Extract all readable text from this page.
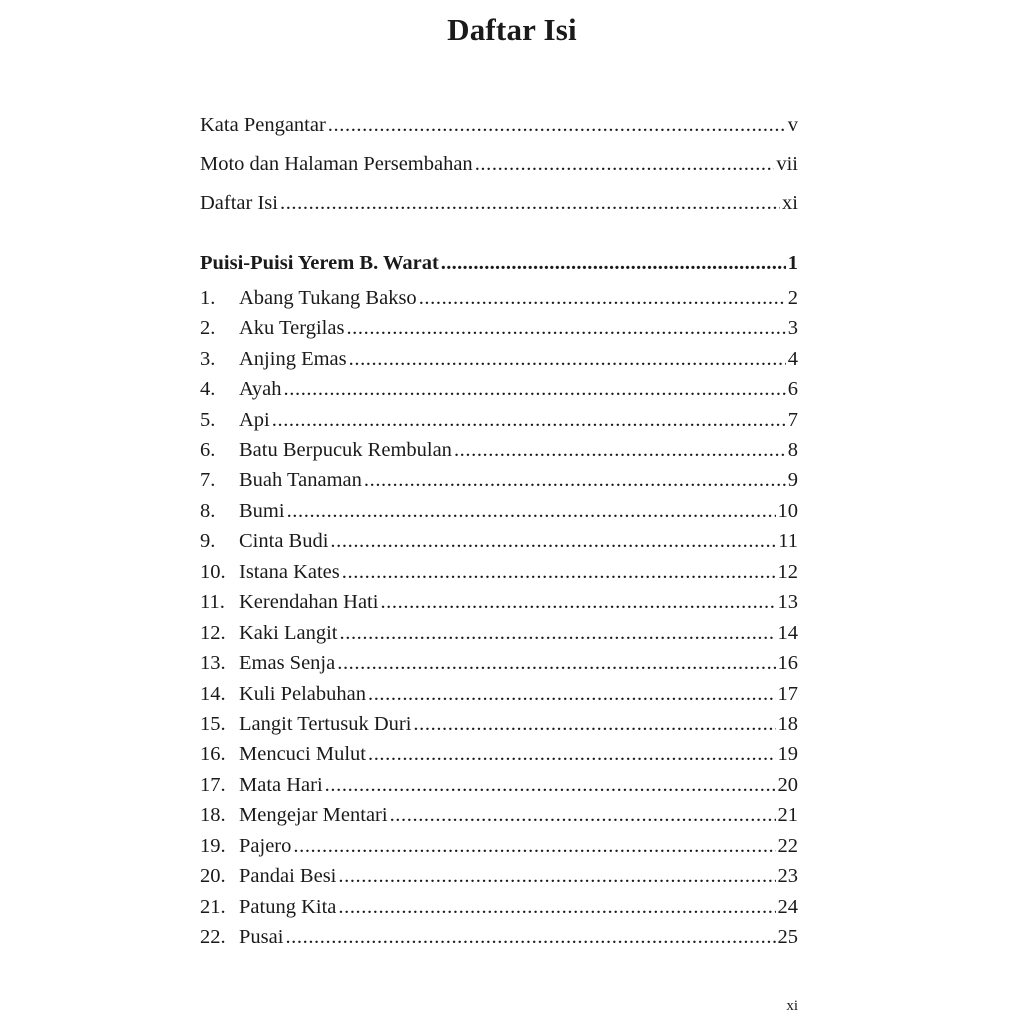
Daftar Isi
Kata Pengantar .....	v
Moto dan Halaman Persembahan .....	vii
Daftar Isi .....	xi
Puisi-Puisi Yerem B. Warat .....	1
1.	Abang Tukang Bakso .....	2
2.	Aku Tergilas .....	3
3.	Anjing Emas .....	4
4.	Ayah .....	6
5.	Api .....	7
6.	Batu Berpucuk Rembulan .....	8
7.	Buah Tanaman .....	9
8.	Bumi .....	10
9.	Cinta Budi .....	11
10. Istana Kates .....	12
11. Kerendahan Hati .....	13
12. Kaki Langit .....	14
13. Emas Senja .....	16
14. Kuli Pelabuhan .....	17
15. Langit Tertusuk Duri .....	18
16. Mencuci Mulut .....	19
17. Mata Hari .....	20
18. Mengejar Mentari .....	21
19. Pajero .....	22
20. Pandai Besi .....	23
21. Patung Kita .....	24
22. Pusai .....	25
xi
